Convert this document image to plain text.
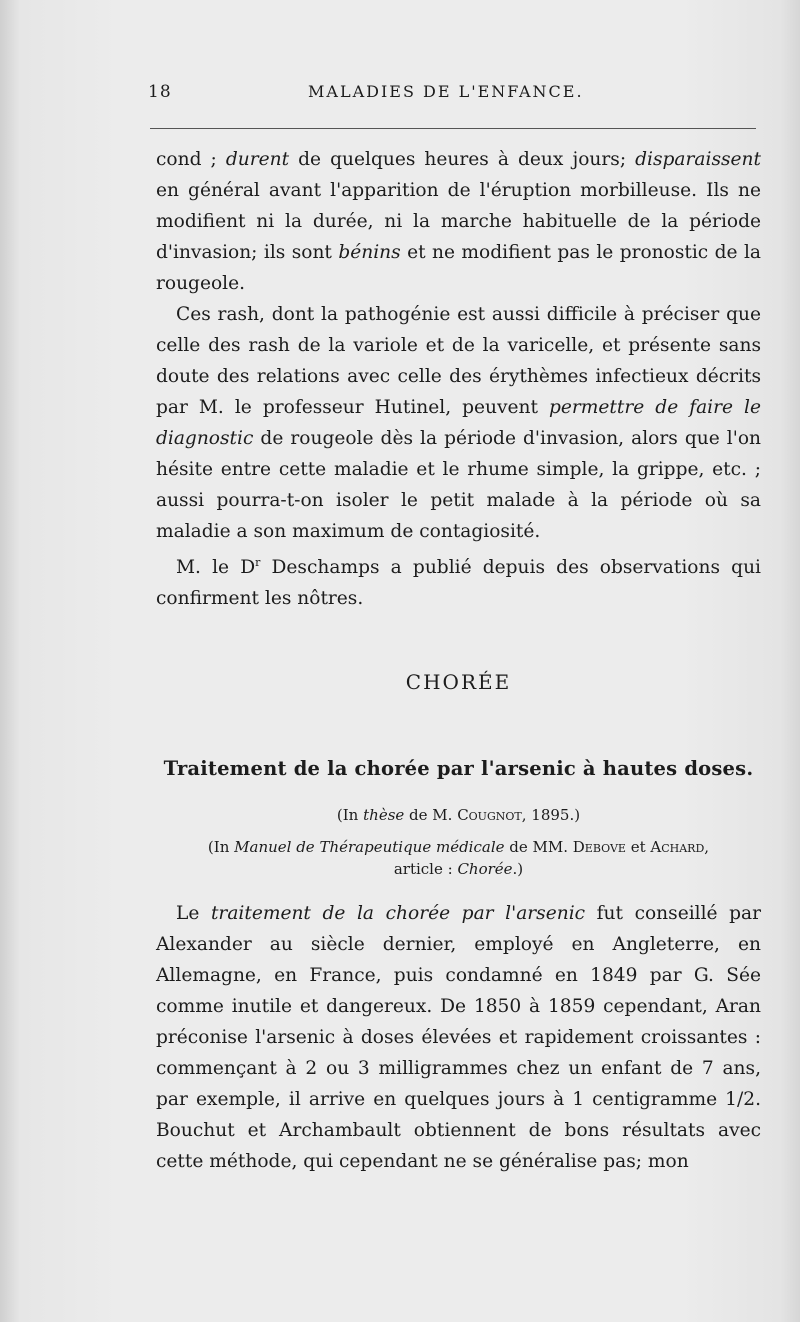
18	MALADIES DE L'ENFANCE.

cond ; durent de quelques heures à deux jours; disparaissent en général avant l'apparition de l'éruption morbilleuse. Ils ne modifient ni la durée, ni la marche habituelle de la période d'invasion; ils sont bénins et ne modifient pas le pronostic de la rougeole.

Ces rash, dont la pathogénie est aussi difficile à préciser que celle des rash de la variole et de la varicelle, et présente sans doute des relations avec celle des érythèmes infectieux décrits par M. le professeur Hutinel, peuvent permettre de faire le diagnostic de rougeole dès la période d'invasion, alors que l'on hésite entre cette maladie et le rhume simple, la grippe, etc. ; aussi pourra-t-on isoler le petit malade à la période où sa maladie a son maximum de contagiosité.

M. le $D^r$ Deschamps a publié depuis des observations qui confirment les nôtres.

CHORÉE
Traitement de la chorée par l'arsenic à hautes doses.
(In thèse de M. Cougnot, 1895.)
(In Manuel de Thérapeutique médicale de MM. Debove et Achard,
article : Chorée.)

Le traitement de la chorée par l'arsenic fut conseillé par Alexander au siècle dernier, employé en Angleterre, en Allemagne, en France, puis condamné en 1849 par G. Sée comme inutile et dangereux. De 1850 à 1859 cependant, Aran préconise l'arsenic à doses élevées et rapidement croissantes : commençant à 2 ou 3 milligrammes chez un enfant de 7 ans, par exemple, il arrive en quelques jours à 1 centigramme 1/2. Bouchut et Archambault obtiennent de bons résultats avec cette méthode, qui cependant ne se généralise pas; mon
